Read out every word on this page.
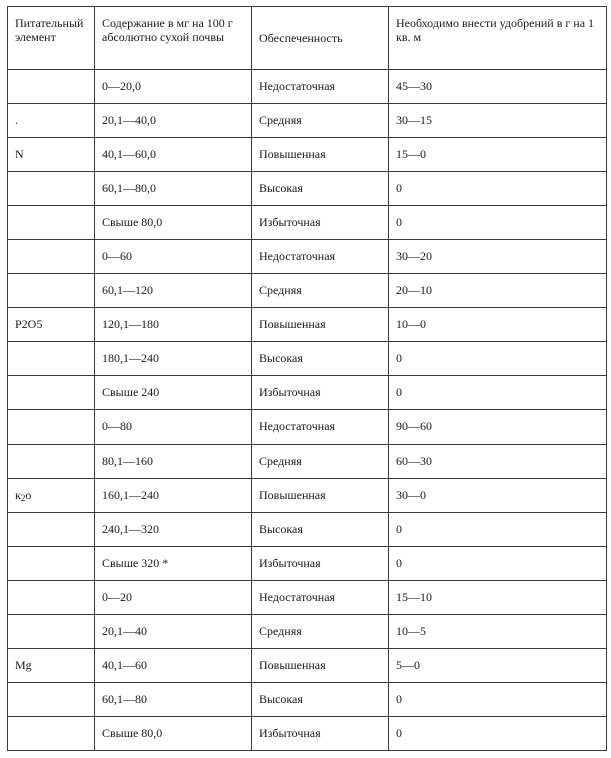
Питательный элемент	Содержание в мг на 100 г абсолютно сухой почвы	Обеспеченность	Необходимо внести удобрений в г на 1 кв. м
	0—20,0	Недостаточная	45—30
.	20,1—40,0	Средняя	30—15
N	40,1—60,0	Повышенная	15—0
	60,1—80,0	Высокая	0
	Свыше 80,0	Избыточная	0
	0—60	Недостаточная	30—20
	60,1—120	Средняя	20—10
P2O5	120,1—180	Повышенная	10—0
	180,1—240	Высокая	0
	Свыше 240	Избыточная	0
	0—80	Недостаточная	90—60
	80,1—160	Средняя	60—30
$к_2о$	160,1—240	Повышенная	30—0
	240,1—320	Высокая	0
	Свыше 320 *	Избыточная	0
	0—20	Недостаточная	15—10
	20,1—40	Средняя	10—5
Mg	40,1—60	Повышенная	5—0
	60,1—80	Высокая	0
	Свыше 80,0	Избыточная	0
